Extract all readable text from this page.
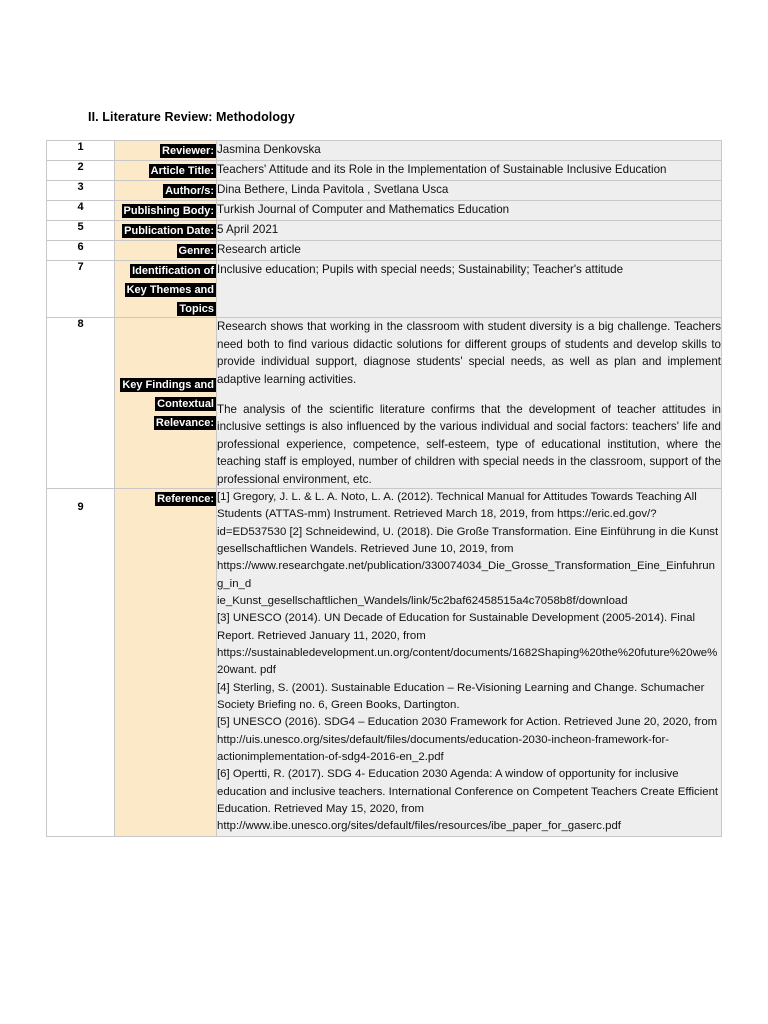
II. Literature Review: Methodology
1	Reviewer:	Jasmina Denkovska
2	Article Title:	Teachers' Attitude and its Role in the Implementation of Sustainable Inclusive Education
3	Author/s:	Dina Bethere, Linda Pavitola , Svetlana Usca
4	Publishing Body:	Turkish Journal of Computer and Mathematics Education
5	Publication Date:	5 April 2021
6	Genre:	Research article
7	Identification of Key Themes and Topics	Inclusive education; Pupils with special needs; Sustainability; Teacher's attitude
8	Key Findings and Contextual Relevance:	Research shows that working in the classroom with student diversity is a big challenge. Teachers need both to find various didactic solutions for different groups of students and develop skills to provide individual support, diagnose students' special needs, as well as plan and implement adaptive learning activities.

The analysis of the scientific literature confirms that the development of teacher attitudes in inclusive settings is also influenced by the various individual and social factors: teachers' life and professional experience, competence, self-esteem, type of educational institution, where the teaching staff is employed, number of children with special needs in the classroom, support of the professional environment, etc.

9	Reference:	[1] Gregory, J. L. & L. A. Noto, L. A. (2012). Technical Manual for Attitudes Towards Teaching All Students (ATTAS-mm) Instrument. Retrieved March 18, 2019, from https://eric.ed.gov/?id=ED537530 [2] Schneidewind, U. (2018). Die Große Transformation. Eine Einführung in die Kunst gesellschaftlichen Wandels. Retrieved June 10, 2019, from

https://www.researchgate.net/publication/330074034_Die_Grosse_Transformation_Eine_Einfuhrung_in_d

ie_Kunst_gesellschaftlichen_Wandels/link/5c2baf62458515a4c7058b8f/download

[3] UNESCO (2014). UN Decade of Education for Sustainable Development (2005-2014). Final Report. Retrieved January 11, 2020, from

https://sustainabledevelopment.un.org/content/documents/1682Shaping%20the%20future%20we%20want. pdf

[4] Sterling, S. (2001). Sustainable Education – Re-Visioning Learning and Change. Schumacher Society Briefing no. 6, Green Books, Dartington.

[5] UNESCO (2016). SDG4 – Education 2030 Framework for Action. Retrieved June 20, 2020, from http://uis.unesco.org/sites/default/files/documents/education-2030-incheon-framework-for-actionimplementation-of-sdg4-2016-en_2.pdf

[6] Opertti, R. (2017). SDG 4- Education 2030 Agenda: A window of opportunity for inclusive education and inclusive teachers. International Conference on Competent Teachers Create Efficient Education. Retrieved May 15, 2020, from http://www.ibe.unesco.org/sites/default/files/resources/ibe_paper_for_gaserc.pdf
